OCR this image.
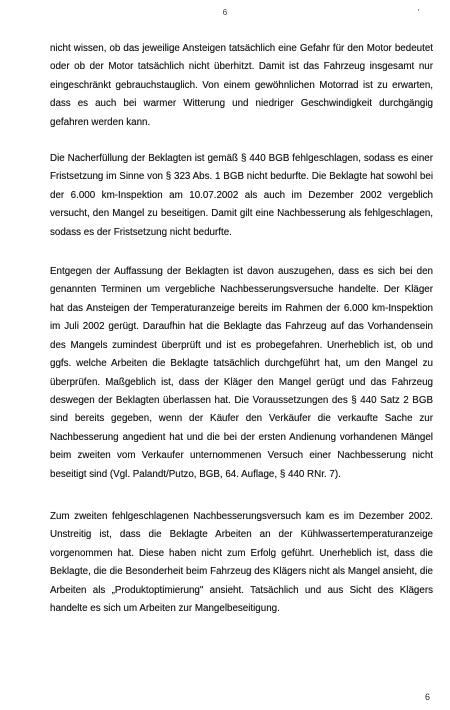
6	'

nicht wissen, ob das jeweilige Ansteigen tatsächlich eine Gefahr für den Motor bedeutet oder ob der Motor tatsächlich nicht überhitzt. Damit ist das Fahrzeug insgesamt nur eingeschränkt gebrauchstauglich. Von einem gewöhnlichen Motorrad ist zu erwarten, dass es auch bei warmer Witterung und niedriger Geschwindigkeit durchgängig gefahren werden kann.

Die Nacherfüllung der Beklagten ist gemäß § 440 BGB fehlgeschlagen, sodass es einer Fristsetzung im Sinne von § 323 Abs. 1 BGB nicht bedurfte. Die Beklagte hat sowohl bei der 6.000 km-Inspektion am 10.07.2002 als auch im Dezember 2002 vergeblich versucht, den Mangel zu beseitigen. Damit gilt eine Nachbesserung als fehlgeschlagen, sodass es der Fristsetzung nicht bedurfte.

Entgegen der Auffassung der Beklagten ist davon auszugehen, dass es sich bei den genannten Terminen um vergebliche Nachbesserungsversuche handelte. Der Kläger hat das Ansteigen der Temperaturanzeige bereits im Rahmen der 6.000 km-Inspektion im Juli 2002 gerügt. Daraufhin hat die Beklagte das Fahrzeug auf das Vorhandensein des Mangels zumindest überprüft und ist es probegefahren. Unerheblich ist, ob und ggfs. welche Arbeiten die Beklagte tatsächlich durchgeführt hat, um den Mangel zu überprüfen. Maßgeblich ist, dass der Kläger den Mangel gerügt und das Fahrzeug deswegen der Beklagten überlassen hat. Die Voraussetzungen des § 440 Satz 2 BGB sind bereits gegeben, wenn der Käufer den Verkäufer die verkaufte Sache zur Nachbesserung angedient hat und die bei der ersten Andienung vorhandenen Mängel beim zweiten vom Verkaufer unternommenen Versuch einer Nachbesserung nicht beseitigt sind (Vgl. Palandt/Putzo, BGB, 64. Auflage, § 440 RNr. 7).

Zum zweiten fehlgeschlagenen Nachbesserungsversuch kam es im Dezember 2002. Unstreitig ist, dass die Beklagte Arbeiten an der Kühlwassertemperaturanzeige vorgenommen hat. Diese haben nicht zum Erfolg geführt. Unerheblich ist, dass die Beklagte, die die Besonderheit beim Fahrzeug des Klägers nicht als Mangel ansieht, die Arbeiten als „Produktoptimierung" ansieht. Tatsächlich und aus Sicht des Klägers handelte es sich um Arbeiten zur Mangelbeseitigung.

6
